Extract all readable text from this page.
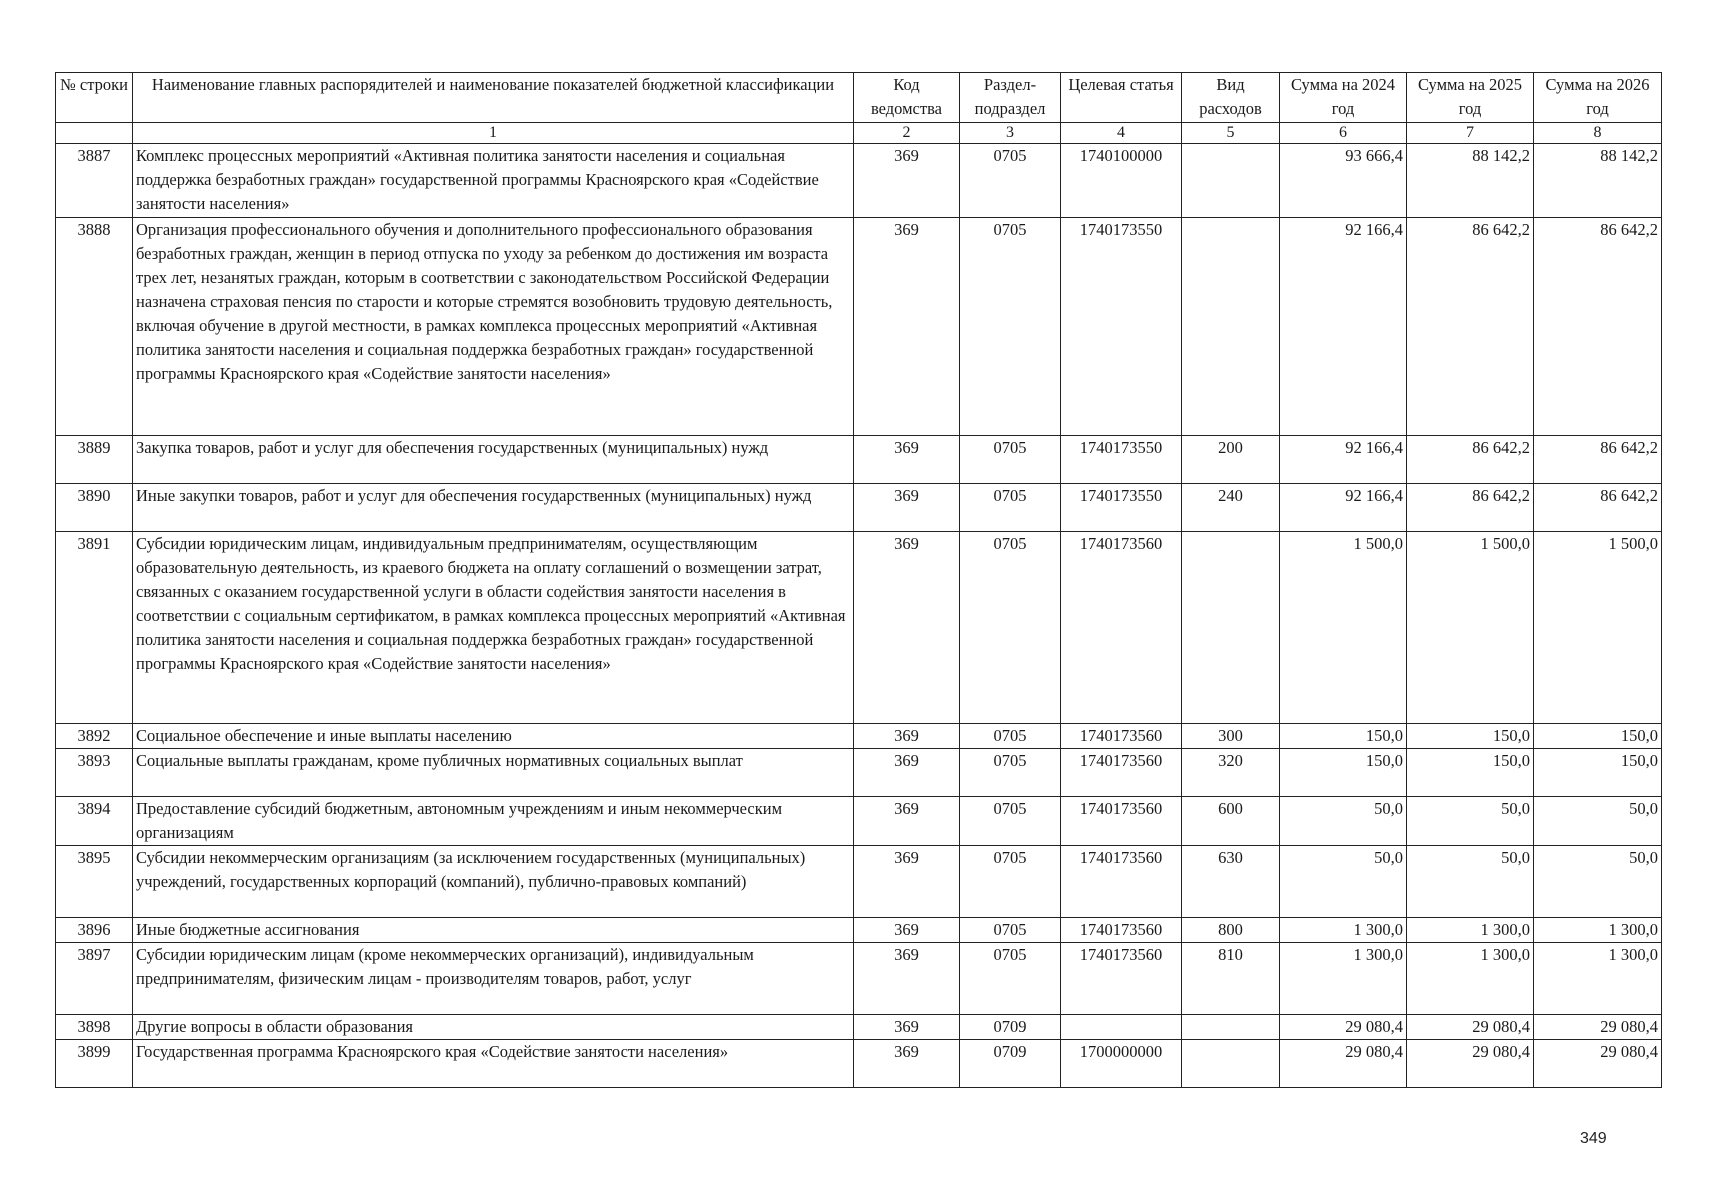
№ строки	Наименование главных распорядителей и наименование показателей бюджетной классификации	Код ведомства	Раздел-подраздел	Целевая статья	Вид расходов	Сумма на 2024 год	Сумма на 2025 год	Сумма на 2026 год
	1	2	3	4	5	6	7	8
3887	Комплекс процессных мероприятий «Активная политика занятости населения и социальная поддержка безработных граждан» государственной программы Красноярского края «Содействие занятости населения»	369	0705	1740100000		93 666,4	88 142,2	88 142,2
3888	Организация профессионального обучения и дополнительного профессионального образования безработных граждан, женщин в период отпуска по уходу за ребенком до достижения им возраста трех лет, незанятых граждан, которым в соответствии с законодательством Российской Федерации назначена страховая пенсия по старости и которые стремятся возобновить трудовую деятельность, включая обучение в другой местности, в рамках комплекса процессных мероприятий «Активная политика занятости населения и социальная поддержка безработных граждан» государственной программы Красноярского края «Содействие занятости населения»	369	0705	1740173550		92 166,4	86 642,2	86 642,2
3889	Закупка товаров, работ и услуг для обеспечения государственных (муниципальных) нужд	369	0705	1740173550	200	92 166,4	86 642,2	86 642,2
3890	Иные закупки товаров, работ и услуг для обеспечения государственных (муниципальных) нужд	369	0705	1740173550	240	92 166,4	86 642,2	86 642,2
3891	Субсидии юридическим лицам, индивидуальным предпринимателям, осуществляющим образовательную деятельность, из краевого бюджета на оплату соглашений о возмещении затрат, связанных с оказанием государственной услуги в области содействия занятости населения в соответствии с социальным сертификатом, в рамках комплекса процессных мероприятий «Активная политика занятости населения и социальная поддержка безработных граждан» государственной программы Красноярского края «Содействие занятости населения»	369	0705	1740173560		1 500,0	1 500,0	1 500,0
3892	Социальное обеспечение и иные выплаты населению	369	0705	1740173560	300	150,0	150,0	150,0
3893	Социальные выплаты гражданам, кроме публичных нормативных социальных выплат	369	0705	1740173560	320	150,0	150,0	150,0
3894	Предоставление субсидий бюджетным, автономным учреждениям и иным некоммерческим организациям	369	0705	1740173560	600	50,0	50,0	50,0
3895	Субсидии некоммерческим организациям (за исключением государственных (муниципальных) учреждений, государственных корпораций (компаний), публично-правовых компаний)	369	0705	1740173560	630	50,0	50,0	50,0
3896	Иные бюджетные ассигнования	369	0705	1740173560	800	1 300,0	1 300,0	1 300,0
3897	Субсидии юридическим лицам (кроме некоммерческих организаций), индивидуальным предпринимателям, физическим лицам - производителям товаров, работ, услуг	369	0705	1740173560	810	1 300,0	1 300,0	1 300,0
3898	Другие вопросы в области образования	369	0709			29 080,4	29 080,4	29 080,4
3899	Государственная программа Красноярского края «Содействие занятости населения»	369	0709	1700000000		29 080,4	29 080,4	29 080,4
349
